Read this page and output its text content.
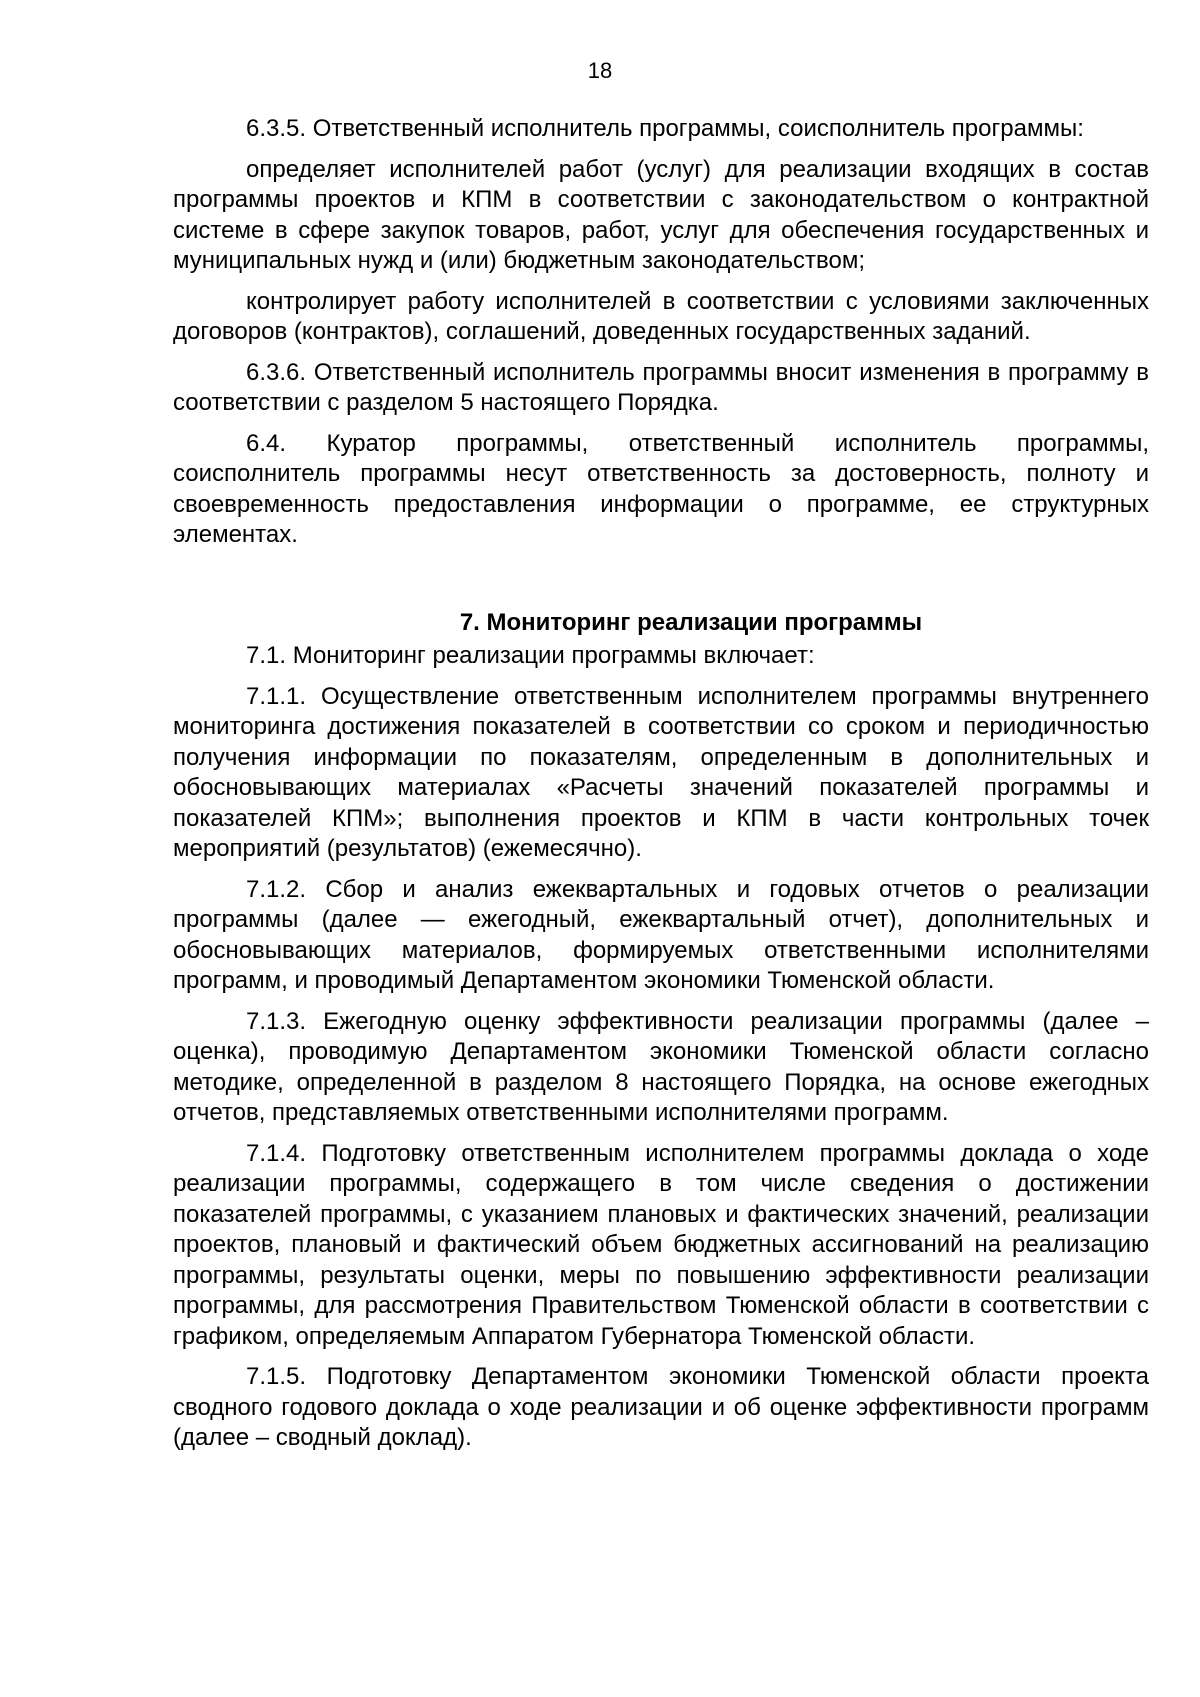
18

6.3.5. Ответственный исполнитель программы, соисполнитель программы:

определяет исполнителей работ (услуг) для реализации входящих в состав программы проектов и КПМ в соответствии с законодательством о контрактной системе в сфере закупок товаров, работ, услуг для обеспечения государственных и муниципальных нужд и (или) бюджетным законодательством;

контролирует работу исполнителей в соответствии с условиями заключенных договоров (контрактов), соглашений, доведенных государственных заданий.

6.3.6. Ответственный исполнитель программы вносит изменения в программу в соответствии с разделом 5 настоящего Порядка.

6.4. Куратор программы, ответственный исполнитель программы, соисполнитель программы несут ответственность за достоверность, полноту и своевременность предоставления информации о программе, ее структурных элементах.

7. Мониторинг реализации программы

7.1. Мониторинг реализации программы включает:

7.1.1. Осуществление ответственным исполнителем программы внутреннего мониторинга достижения показателей в соответствии со сроком и периодичностью получения информации по показателям, определенным в дополнительных и обосновывающих материалах «Расчеты значений показателей программы и показателей КПМ»; выполнения проектов и КПМ в части контрольных точек мероприятий (результатов) (ежемесячно).

7.1.2. Сбор и анализ ежеквартальных и годовых отчетов о реализации программы (далее — ежегодный, ежеквартальный отчет), дополнительных и обосновывающих материалов, формируемых ответственными исполнителями программ, и проводимый Департаментом экономики Тюменской области.

7.1.3. Ежегодную оценку эффективности реализации программы (далее – оценка), проводимую Департаментом экономики Тюменской области согласно методике, определенной в разделом 8 настоящего Порядка, на основе ежегодных отчетов, представляемых ответственными исполнителями программ.

7.1.4. Подготовку ответственным исполнителем программы доклада о ходе реализации программы, содержащего в том числе сведения о достижении показателей программы, с указанием плановых и фактических значений, реализации проектов, плановый и фактический объем бюджетных ассигнований на реализацию программы, результаты оценки, меры по повышению эффективности реализации программы, для рассмотрения Правительством Тюменской области в соответствии с графиком, определяемым Аппаратом Губернатора Тюменской области.

7.1.5. Подготовку Департаментом экономики Тюменской области проекта сводного годового доклада о ходе реализации и об оценке эффективности программ (далее – сводный доклад).
